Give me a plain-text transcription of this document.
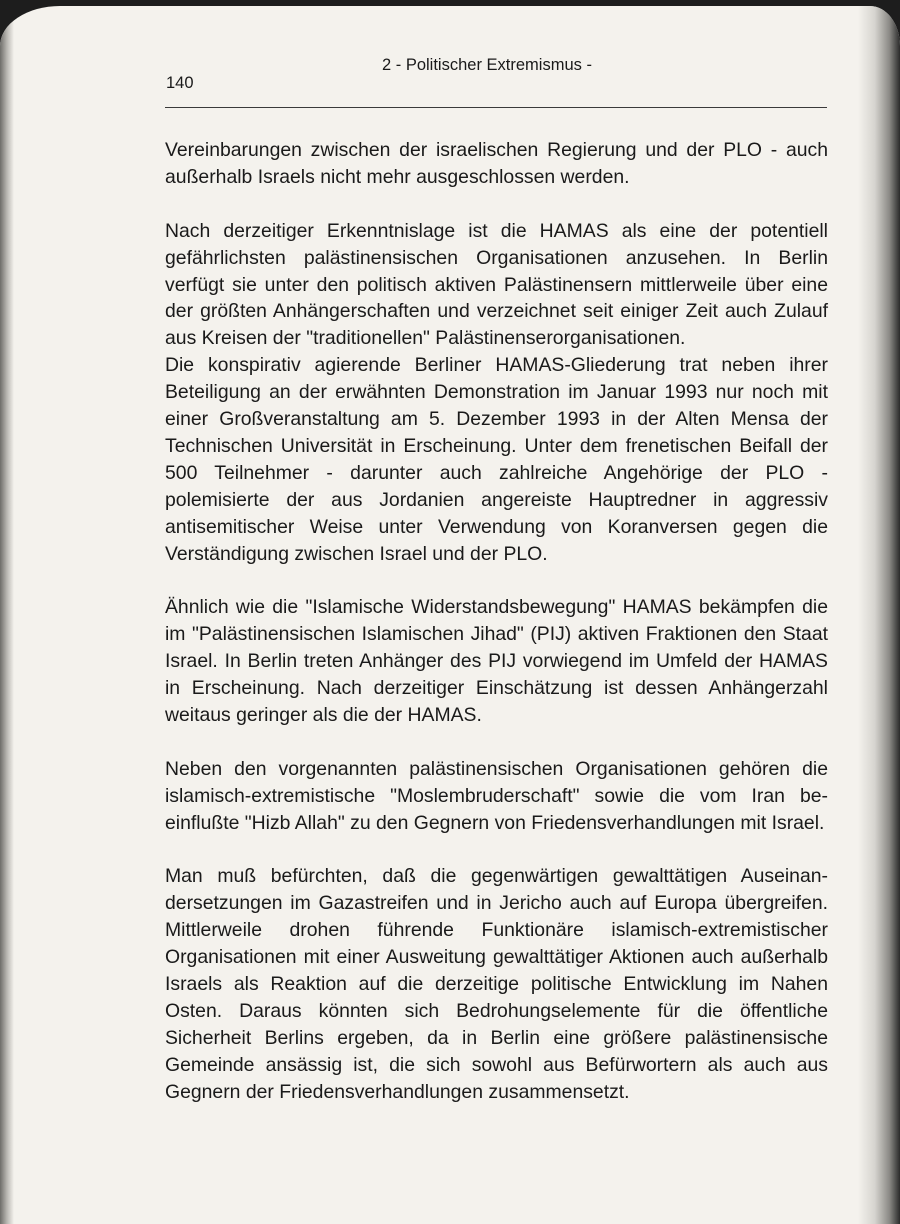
2 - Politischer Extremismus -

140

Vereinbarungen zwischen der israelischen Regierung und der PLO - auch außerhalb Israels nicht mehr ausgeschlossen werden.

Nach derzeitiger Erkenntnislage ist die HAMAS als eine der potentiell gefährlichsten palästinensischen Organisationen anzusehen. In Berlin verfügt sie unter den politisch aktiven Palästinensern mittlerweile über eine der größten Anhängerschaften und verzeichnet seit einiger Zeit auch Zulauf aus Kreisen der "traditionellen" Palästinenserorganisationen.

Die konspirativ agierende Berliner HAMAS-Gliederung trat neben ihrer Beteiligung an der erwähnten Demonstration im Januar 1993 nur noch mit einer Großveranstaltung am 5. Dezember 1993 in der Alten Mensa der Technischen Universität in Erscheinung. Unter dem frenetischen Beifall der 500 Teilnehmer - darunter auch zahlreiche Angehörige der PLO - polemisierte der aus Jordanien angereiste Hauptredner in aggressiv antisemitischer Weise unter Verwendung von Koranversen gegen die Verständigung zwischen Israel und der PLO.

Ähnlich wie die "Islamische Widerstandsbewegung" HAMAS bekämpfen die im "Palästinensischen Islamischen Jihad" (PIJ) aktiven Fraktionen den Staat Israel. In Berlin treten Anhänger des PIJ vorwiegend im Umfeld der HAMAS in Erscheinung. Nach derzeitiger Einschätzung ist dessen Anhängerzahl weitaus geringer als die der HAMAS.

Neben den vorgenannten palästinensischen Organisationen gehören die islamisch-extremistische "Moslembruderschaft" sowie die vom Iran beeinflußte "Hizb Allah" zu den Gegnern von Friedensverhandlungen mit Israel.

Man muß befürchten, daß die gegenwärtigen gewalttätigen Auseinandersetzungen im Gazastreifen und in Jericho auch auf Europa übergreifen. Mittlerweile drohen führende Funktionäre islamisch-extremistischer Organisationen mit einer Ausweitung gewalttätiger Aktionen auch außerhalb Israels als Reaktion auf die derzeitige politische Entwicklung im Nahen Osten. Daraus könnten sich Bedrohungselemente für die öffentliche Sicherheit Berlins ergeben, da in Berlin eine größere palästinensische Gemeinde ansässig ist, die sich sowohl aus Befürwortern als auch aus Gegnern der Friedensverhandlungen zusammensetzt.
